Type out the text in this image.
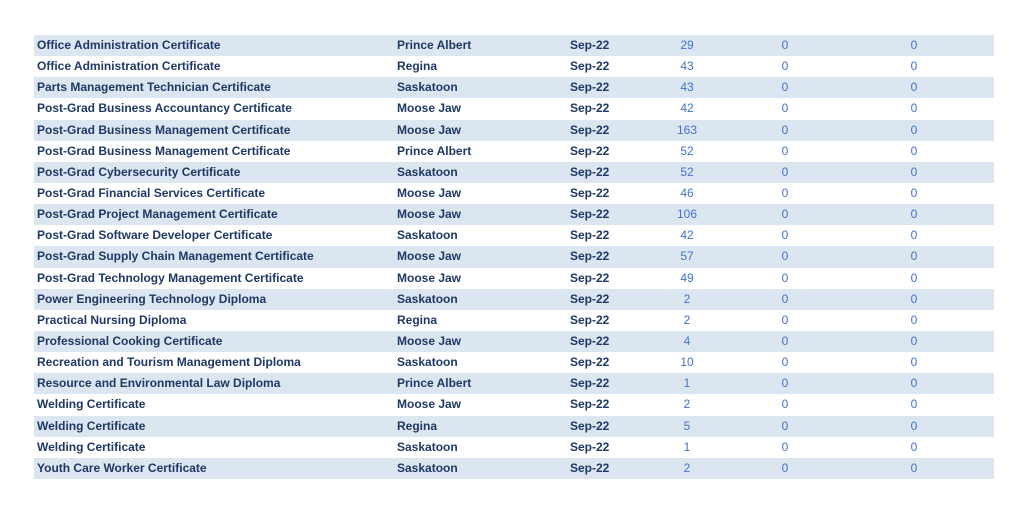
Office Administration Certificate	Prince Albert	Sep-22	29	0	0
Office Administration Certificate	Regina	Sep-22	43	0	0
Parts Management Technician Certificate	Saskatoon	Sep-22	43	0	0
Post-Grad Business Accountancy Certificate	Moose Jaw	Sep-22	42	0	0
Post-Grad Business Management Certificate	Moose Jaw	Sep-22	163	0	0
Post-Grad Business Management Certificate	Prince Albert	Sep-22	52	0	0
Post-Grad Cybersecurity Certificate	Saskatoon	Sep-22	52	0	0
Post-Grad Financial Services Certificate	Moose Jaw	Sep-22	46	0	0
Post-Grad Project Management Certificate	Moose Jaw	Sep-22	106	0	0
Post-Grad Software Developer Certificate	Saskatoon	Sep-22	42	0	0
Post-Grad Supply Chain Management Certificate	Moose Jaw	Sep-22	57	0	0
Post-Grad Technology Management Certificate	Moose Jaw	Sep-22	49	0	0
Power Engineering Technology Diploma	Saskatoon	Sep-22	2	0	0
Practical Nursing Diploma	Regina	Sep-22	2	0	0
Professional Cooking Certificate	Moose Jaw	Sep-22	4	0	0
Recreation and Tourism Management Diploma	Saskatoon	Sep-22	10	0	0
Resource and Environmental Law Diploma	Prince Albert	Sep-22	1	0	0
Welding Certificate	Moose Jaw	Sep-22	2	0	0
Welding Certificate	Regina	Sep-22	5	0	0
Welding Certificate	Saskatoon	Sep-22	1	0	0
Youth Care Worker Certificate	Saskatoon	Sep-22	2	0	0
